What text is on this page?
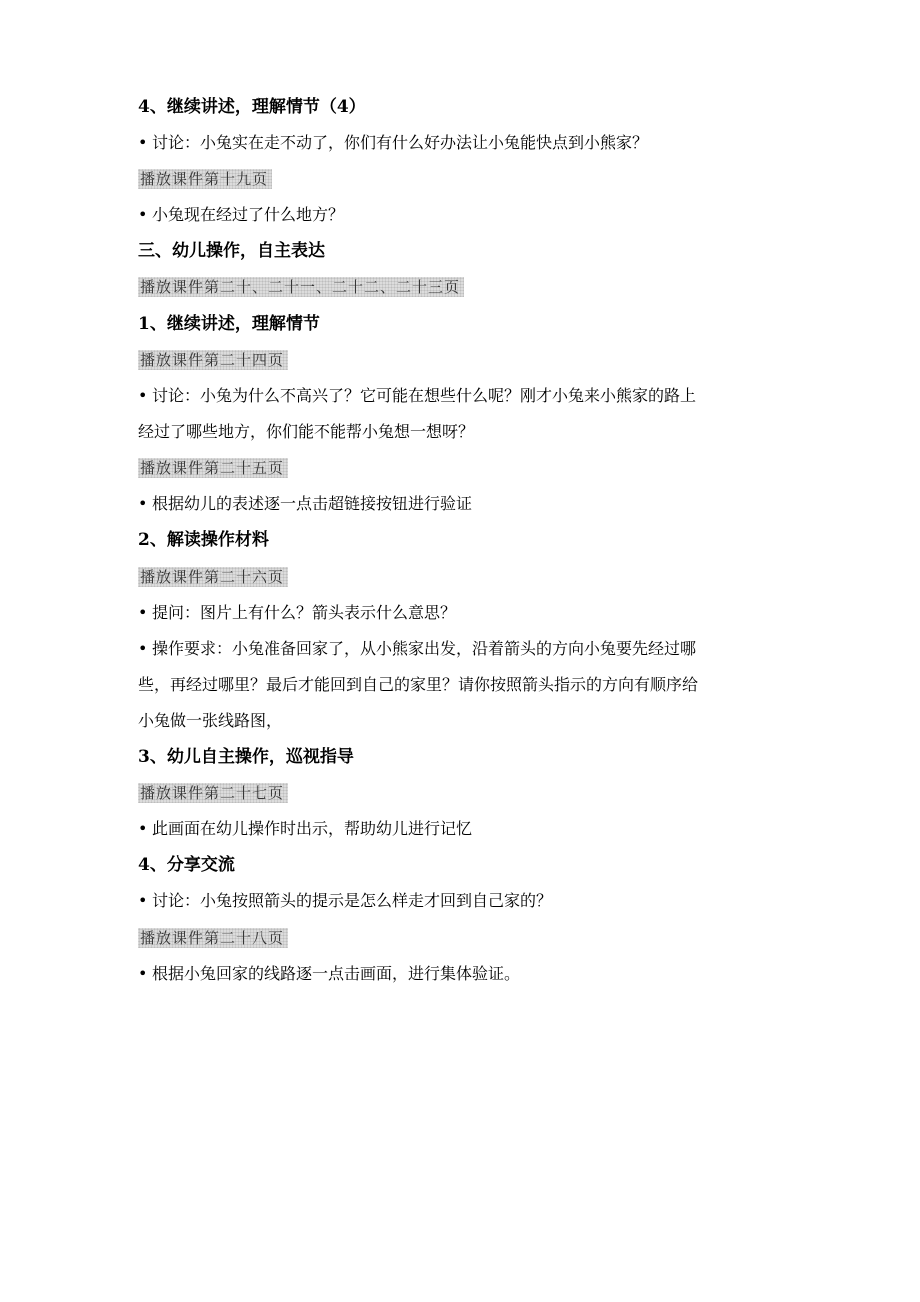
4、继续讲述，理解情节（4）
• 讨论：小兔实在走不动了，你们有什么好办法让小兔能快点到小熊家？
播放课件第十九页
• 小兔现在经过了什么地方？
三、幼儿操作，自主表达
播放课件第二十、二十一、二十二、二十三页
1、继续讲述，理解情节
播放课件第二十四页
• 讨论：小兔为什么不高兴了？它可能在想些什么呢？刚才小兔来小熊家的路上
经过了哪些地方，你们能不能帮小兔想一想呀？
播放课件第二十五页
• 根据幼儿的表述逐一点击超链接按钮进行验证
2、解读操作材料
播放课件第二十六页
• 提问：图片上有什么？箭头表示什么意思？
• 操作要求：小兔准备回家了，从小熊家出发，沿着箭头的方向小兔要先经过哪
些，再经过哪里？最后才能回到自己的家里？请你按照箭头指示的方向有顺序给
小兔做一张线路图，
3、幼儿自主操作，巡视指导
播放课件第二十七页
• 此画面在幼儿操作时出示，帮助幼儿进行记忆
4、分享交流
• 讨论：小兔按照箭头的提示是怎么样走才回到自己家的？
播放课件第二十八页
• 根据小兔回家的线路逐一点击画面，进行集体验证。
